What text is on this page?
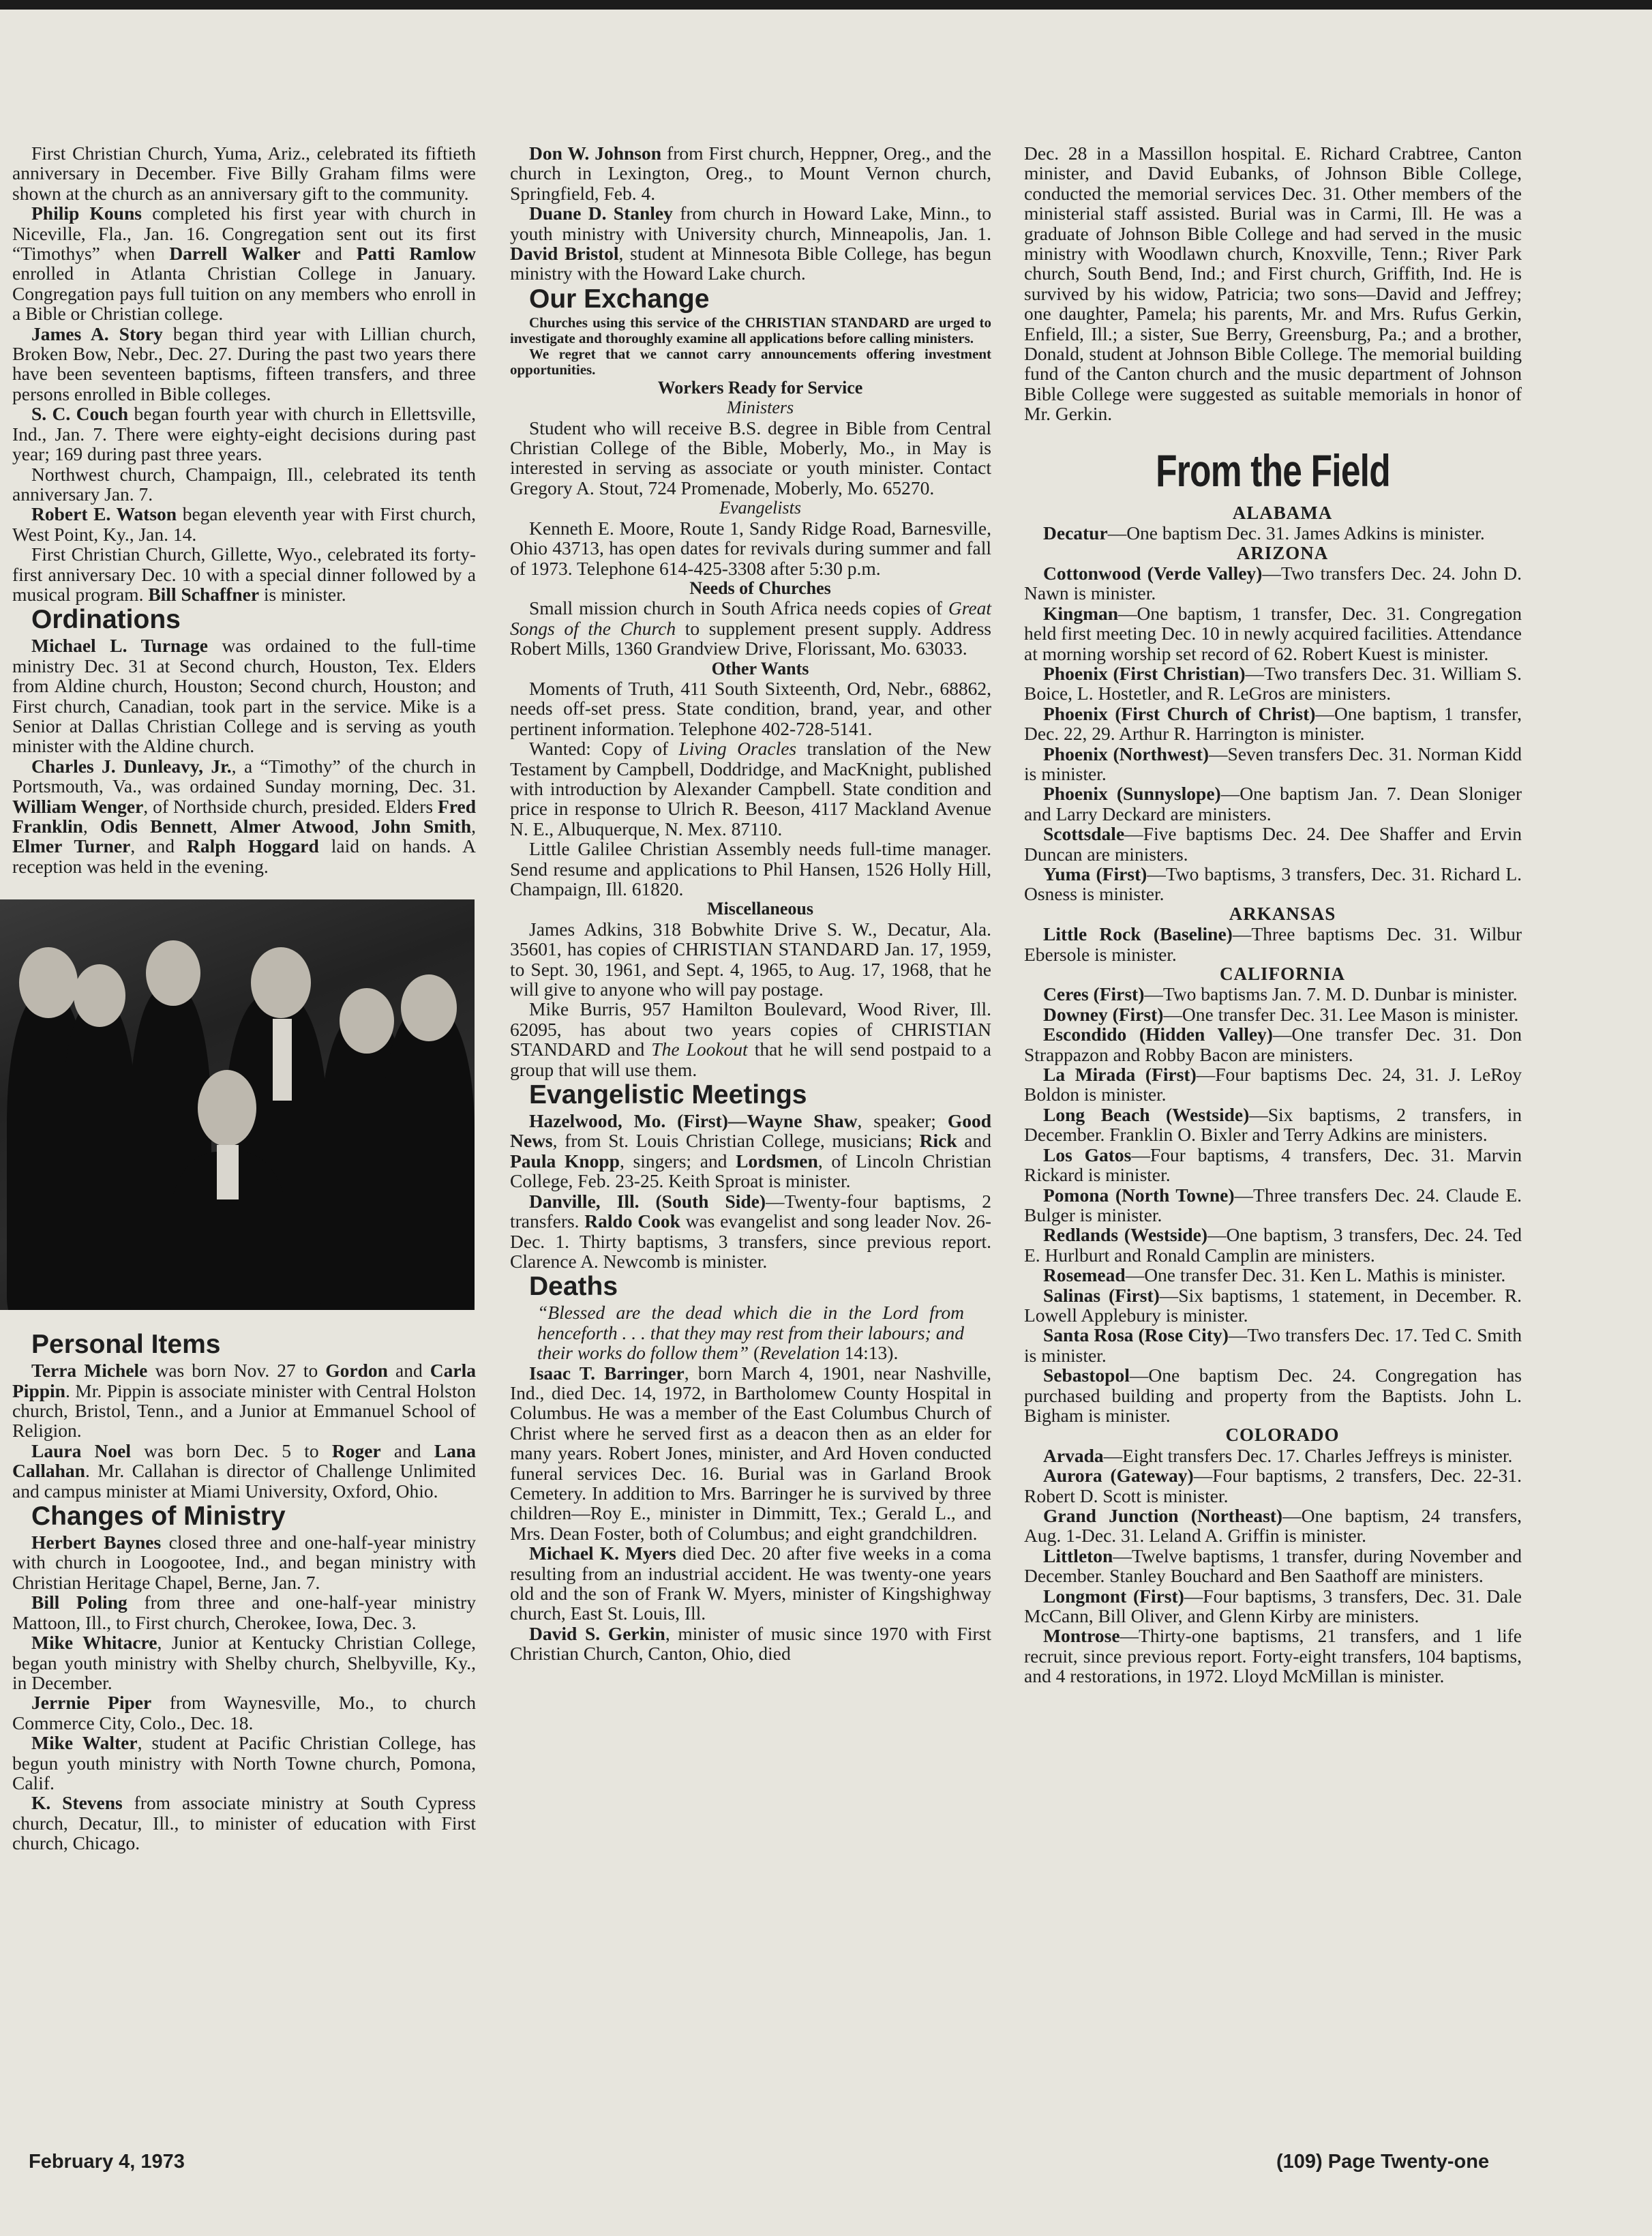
First Christian Church, Yuma, Ariz., celebrated its fiftieth anniversary in December. Five Billy Graham films were shown at the church as an anniversary gift to the community.

Philip Kouns completed his first year with church in Niceville, Fla., Jan. 16. Congregation sent out its first “Timothys” when Darrell Walker and Patti Ramlow enrolled in Atlanta Christian College in January. Congregation pays full tuition on any members who enroll in a Bible or Christian college.

James A. Story began third year with Lillian church, Broken Bow, Nebr., Dec. 27. During the past two years there have been seventeen baptisms, fifteen transfers, and three persons enrolled in Bible colleges.

S. C. Couch began fourth year with church in Ellettsville, Ind., Jan. 7. There were eighty-eight decisions during past year; 169 during past three years.

Northwest church, Champaign, Ill., celebrated its tenth anniversary Jan. 7.

Robert E. Watson began eleventh year with First church, West Point, Ky., Jan. 14.

First Christian Church, Gillette, Wyo., celebrated its forty-first anniversary Dec. 10 with a special dinner followed by a musical program. Bill Schaffner is minister.

Ordinations

Michael L. Turnage was ordained to the full-time ministry Dec. 31 at Second church, Houston, Tex. Elders from Aldine church, Houston; Second church, Houston; and First church, Canadian, took part in the service. Mike is a Senior at Dallas Christian College and is serving as youth minister with the Aldine church.

Charles J. Dunleavy, Jr., a “Timothy” of the church in Portsmouth, Va., was ordained Sunday morning, Dec. 31. William Wenger, of Northside church, presided. Elders Fred Franklin, Odis Bennett, Almer Atwood, John Smith, Elmer Turner, and Ralph Hoggard laid on hands. A reception was held in the evening.

Personal Items

Terra Michele was born Nov. 27 to Gordon and Carla Pippin. Mr. Pippin is associate minister with Central Holston church, Bristol, Tenn., and a Junior at Emmanuel School of Religion.

Laura Noel was born Dec. 5 to Roger and Lana Callahan. Mr. Callahan is director of Challenge Unlimited and campus minister at Miami University, Oxford, Ohio.

Changes of Ministry

Herbert Baynes closed three and one-half-year ministry with church in Loogootee, Ind., and began ministry with Christian Heritage Chapel, Berne, Jan. 7.

Bill Poling from three and one-half-year ministry Mattoon, Ill., to First church, Cherokee, Iowa, Dec. 3.

Mike Whitacre, Junior at Kentucky Christian College, began youth ministry with Shelby church, Shelbyville, Ky., in December.

Jerrnie Piper from Waynesville, Mo., to church Commerce City, Colo., Dec. 18.

Mike Walter, student at Pacific Christian College, has begun youth ministry with North Towne church, Pomona, Calif.

K. Stevens from associate ministry at South Cypress church, Decatur, Ill., to minister of education with First church, Chicago.

Don W. Johnson from First church, Heppner, Oreg., and the church in Lexington, Oreg., to Mount Vernon church, Springfield, Feb. 4.

Duane D. Stanley from church in Howard Lake, Minn., to youth ministry with University church, Minneapolis, Jan. 1. David Bristol, student at Minnesota Bible College, has begun ministry with the Howard Lake church.

Our Exchange

Churches using this service of the CHRISTIAN STANDARD are urged to investigate and thoroughly examine all applications before calling ministers.

We regret that we cannot carry announcements offering investment opportunities.

Workers Ready for Service

Ministers

Student who will receive B.S. degree in Bible from Central Christian College of the Bible, Moberly, Mo., in May is interested in serving as associate or youth minister. Contact Gregory A. Stout, 724 Promenade, Moberly, Mo. 65270.

Evangelists

Kenneth E. Moore, Route 1, Sandy Ridge Road, Barnesville, Ohio 43713, has open dates for revivals during summer and fall of 1973. Telephone 614-425-3308 after 5:30 p.m.

Needs of Churches

Small mission church in South Africa needs copies of Great Songs of the Church to supplement present supply. Address Robert Mills, 1360 Grandview Drive, Florissant, Mo. 63033.

Other Wants

Moments of Truth, 411 South Sixteenth, Ord, Nebr., 68862, needs off-set press. State condition, brand, year, and other pertinent information. Telephone 402-728-5141.

Wanted: Copy of Living Oracles translation of the New Testament by Campbell, Doddridge, and MacKnight, published with introduction by Alexander Campbell. State condition and price in response to Ulrich R. Beeson, 4117 Mackland Avenue N. E., Albuquerque, N. Mex. 87110.

Little Galilee Christian Assembly needs full-time manager. Send resume and applications to Phil Hansen, 1526 Holly Hill, Champaign, Ill. 61820.

Miscellaneous

James Adkins, 318 Bobwhite Drive S. W., Decatur, Ala. 35601, has copies of CHRISTIAN STANDARD Jan. 17, 1959, to Sept. 30, 1961, and Sept. 4, 1965, to Aug. 17, 1968, that he will give to anyone who will pay postage.

Mike Burris, 957 Hamilton Boulevard, Wood River, Ill. 62095, has about two years copies of CHRISTIAN STANDARD and The Lookout that he will send postpaid to a group that will use them.

Evangelistic Meetings

Hazelwood, Mo. (First)—Wayne Shaw, speaker; Good News, from St. Louis Christian College, musicians; Rick and Paula Knopp, singers; and Lordsmen, of Lincoln Christian College, Feb. 23-25. Keith Sproat is minister.

Danville, Ill. (South Side)—Twenty-four baptisms, 2 transfers. Raldo Cook was evangelist and song leader Nov. 26-Dec. 1. Thirty baptisms, 3 transfers, since previous report. Clarence A. Newcomb is minister.

Deaths

“Blessed are the dead which die in the Lord from henceforth . . . that they may rest from their labours; and their works do follow them” (Revelation 14:13).

Isaac T. Barringer, born March 4, 1901, near Nashville, Ind., died Dec. 14, 1972, in Bartholomew County Hospital in Columbus. He was a member of the East Columbus Church of Christ where he served first as a deacon then as an elder for many years. Robert Jones, minister, and Ard Hoven conducted funeral services Dec. 16. Burial was in Garland Brook Cemetery. In addition to Mrs. Barringer he is survived by three children—Roy E., minister in Dimmitt, Tex.; Gerald L., and Mrs. Dean Foster, both of Columbus; and eight grandchildren.

Michael K. Myers died Dec. 20 after five weeks in a coma resulting from an industrial accident. He was twenty-one years old and the son of Frank W. Myers, minister of Kingshighway church, East St. Louis, Ill.

David S. Gerkin, minister of music since 1970 with First Christian Church, Canton, Ohio, died

Dec. 28 in a Massillon hospital. E. Richard Crabtree, Canton minister, and David Eubanks, of Johnson Bible College, conducted the memorial services Dec. 31. Other members of the ministerial staff assisted. Burial was in Carmi, Ill. He was a graduate of Johnson Bible College and had served in the music ministry with Woodlawn church, Knoxville, Tenn.; River Park church, South Bend, Ind.; and First church, Griffith, Ind. He is survived by his widow, Patricia; two sons—David and Jeffrey; one daughter, Pamela; his parents, Mr. and Mrs. Rufus Gerkin, Enfield, Ill.; a sister, Sue Berry, Greensburg, Pa.; and a brother, Donald, student at Johnson Bible College. The memorial building fund of the Canton church and the music department of Johnson Bible College were suggested as suitable memorials in honor of Mr. Gerkin.

From the Field

ALABAMA

Decatur—One baptism Dec. 31. James Adkins is minister.

ARIZONA

Cottonwood (Verde Valley)—Two transfers Dec. 24. John D. Nawn is minister.

Kingman—One baptism, 1 transfer, Dec. 31. Congregation held first meeting Dec. 10 in newly acquired facilities. Attendance at morning worship set record of 62. Robert Kuest is minister.

Phoenix (First Christian)—Two transfers Dec. 31. William S. Boice, L. Hostetler, and R. LeGros are ministers.

Phoenix (First Church of Christ)—One baptism, 1 transfer, Dec. 22, 29. Arthur R. Harrington is minister.

Phoenix (Northwest)—Seven transfers Dec. 31. Norman Kidd is minister.

Phoenix (Sunnyslope)—One baptism Jan. 7. Dean Sloniger and Larry Deckard are ministers.

Scottsdale—Five baptisms Dec. 24. Dee Shaffer and Ervin Duncan are ministers.

Yuma (First)—Two baptisms, 3 transfers, Dec. 31. Richard L. Osness is minister.

ARKANSAS

Little Rock (Baseline)—Three baptisms Dec. 31. Wilbur Ebersole is minister.

CALIFORNIA

Ceres (First)—Two baptisms Jan. 7. M. D. Dunbar is minister.

Downey (First)—One transfer Dec. 31. Lee Mason is minister.

Escondido (Hidden Valley)—One transfer Dec. 31. Don Strappazon and Robby Bacon are ministers.

La Mirada (First)—Four baptisms Dec. 24, 31. J. LeRoy Boldon is minister.

Long Beach (Westside)—Six baptisms, 2 transfers, in December. Franklin O. Bixler and Terry Adkins are ministers.

Los Gatos—Four baptisms, 4 transfers, Dec. 31. Marvin Rickard is minister.

Pomona (North Towne)—Three transfers Dec. 24. Claude E. Bulger is minister.

Redlands (Westside)—One baptism, 3 transfers, Dec. 24. Ted E. Hurlburt and Ronald Camplin are ministers.

Rosemead—One transfer Dec. 31. Ken L. Mathis is minister.

Salinas (First)—Six baptisms, 1 statement, in December. R. Lowell Applebury is minister.

Santa Rosa (Rose City)—Two transfers Dec. 17. Ted C. Smith is minister.

Sebastopol—One baptism Dec. 24. Congregation has purchased building and property from the Baptists. John L. Bigham is minister.

COLORADO

Arvada—Eight transfers Dec. 17. Charles Jeffreys is minister.

Aurora (Gateway)—Four baptisms, 2 transfers, Dec. 22-31. Robert D. Scott is minister.

Grand Junction (Northeast)—One baptism, 24 transfers, Aug. 1-Dec. 31. Leland A. Griffin is minister.

Littleton—Twelve baptisms, 1 transfer, during November and December. Stanley Bouchard and Ben Saathoff are ministers.

Longmont (First)—Four baptisms, 3 transfers, Dec. 31. Dale McCann, Bill Oliver, and Glenn Kirby are ministers.

Montrose—Thirty-one baptisms, 21 transfers, and 1 life recruit, since previous report. Forty-eight transfers, 104 baptisms, and 4 restorations, in 1972. Lloyd McMillan is minister.

February 4, 1973	(109) Page Twenty-one
